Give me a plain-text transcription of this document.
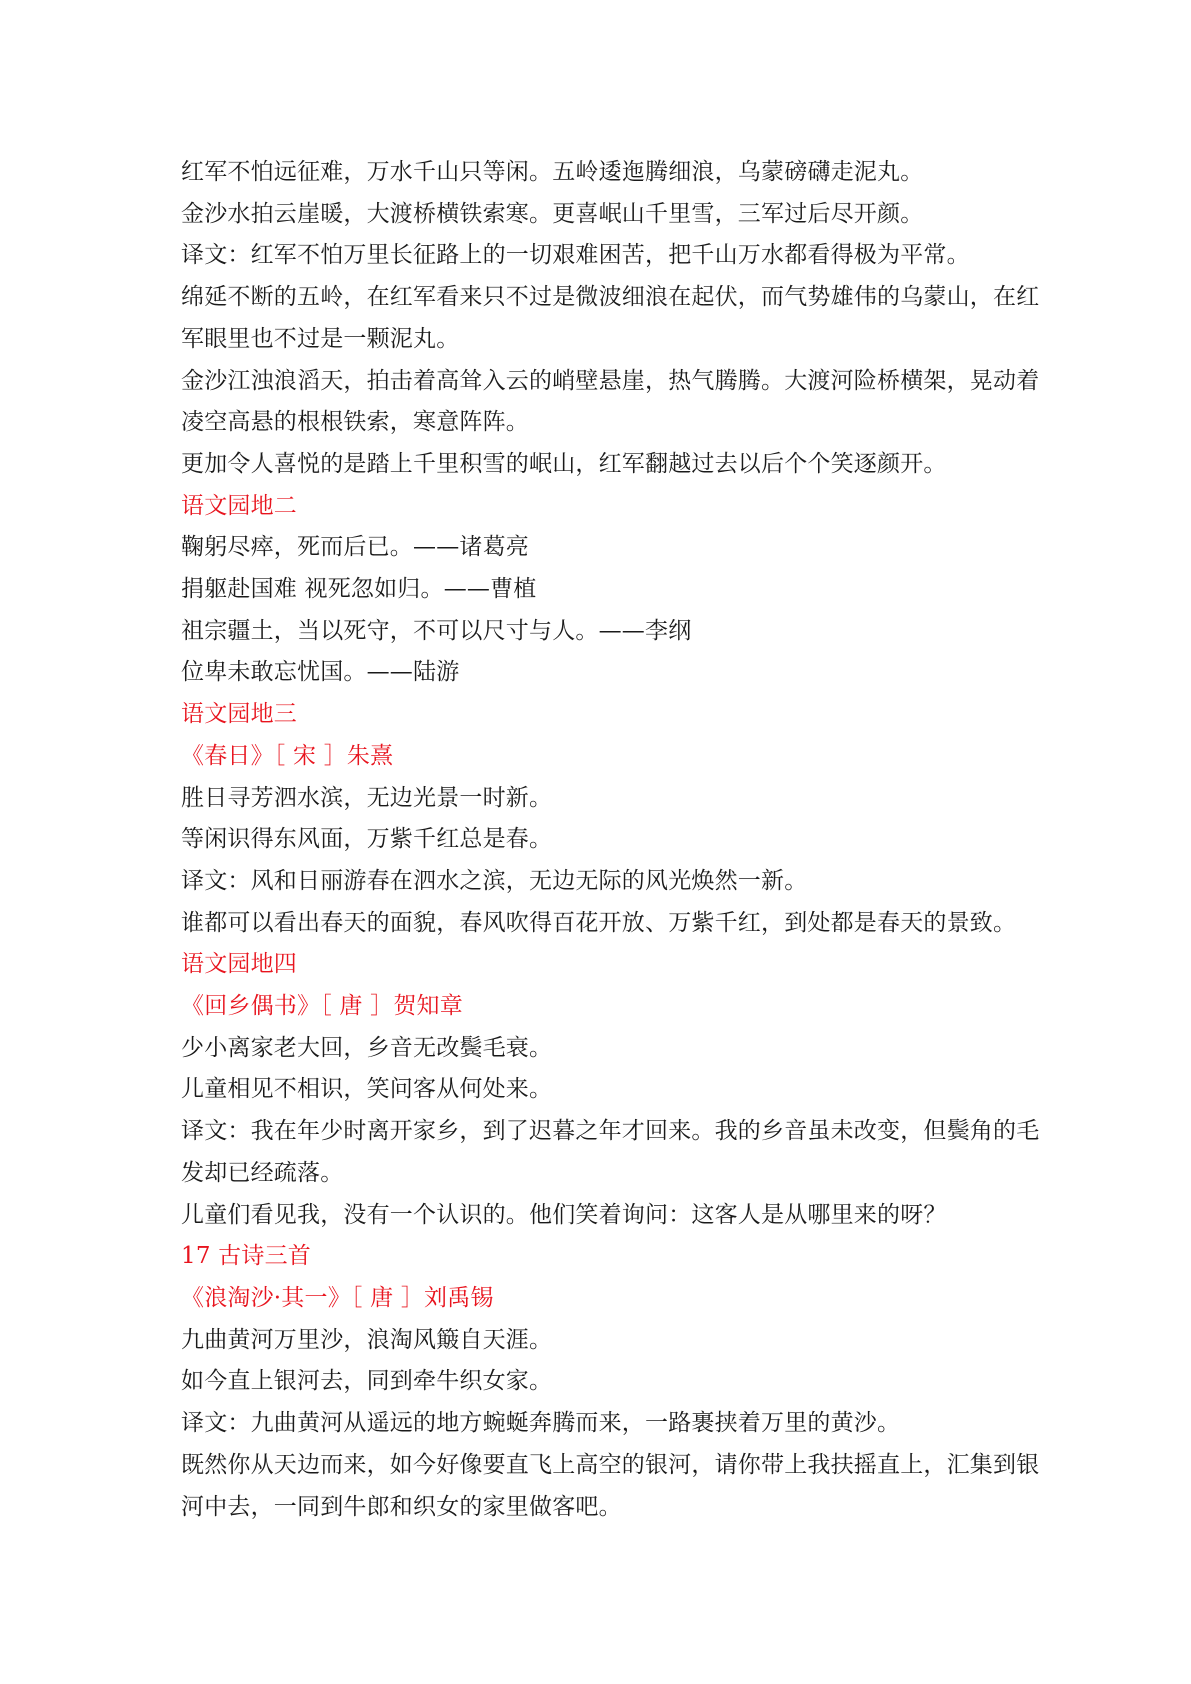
红军不怕远征难，万水千山只等闲。五岭逶迤腾细浪，乌蒙磅礴走泥丸。
金沙水拍云崖暖，大渡桥横铁索寒。更喜岷山千里雪，三军过后尽开颜。
译文：红军不怕万里长征路上的一切艰难困苦，把千山万水都看得极为平常。
绵延不断的五岭，在红军看来只不过是微波细浪在起伏，而气势雄伟的乌蒙山，在红
军眼里也不过是一颗泥丸。
金沙江浊浪滔天，拍击着高耸入云的峭壁悬崖，热气腾腾。大渡河险桥横架，晃动着
凌空高悬的根根铁索，寒意阵阵。
更加令人喜悦的是踏上千里积雪的岷山，红军翻越过去以后个个笑逐颜开。
语文园地二
鞠躬尽瘁，死而后已。——诸葛亮
捐躯赴国难 视死忽如归。——曹植
祖宗疆土，当以死守，不可以尺寸与人。——李纲
位卑未敢忘忧国。——陆游
语文园地三
《春日》［ 宋 ］朱熹
胜日寻芳泗水滨，无边光景一时新。
等闲识得东风面，万紫千红总是春。
译文：风和日丽游春在泗水之滨，无边无际的风光焕然一新。
谁都可以看出春天的面貌，春风吹得百花开放、万紫千红，到处都是春天的景致。
语文园地四
《回乡偶书》［ 唐 ］贺知章
少小离家老大回，乡音无改鬓毛衰。
儿童相见不相识，笑问客从何处来。
译文：我在年少时离开家乡，到了迟暮之年才回来。我的乡音虽未改变，但鬓角的毛
发却已经疏落。
儿童们看见我，没有一个认识的。他们笑着询问：这客人是从哪里来的呀？
17 古诗三首
《浪淘沙·其一》［ 唐 ］刘禹锡
九曲黄河万里沙，浪淘风簸自天涯。
如今直上银河去，同到牵牛织女家。
译文：九曲黄河从遥远的地方蜿蜒奔腾而来，一路裹挟着万里的黄沙。
既然你从天边而来，如今好像要直飞上高空的银河，请你带上我扶摇直上，汇集到银
河中去，一同到牛郎和织女的家里做客吧。
